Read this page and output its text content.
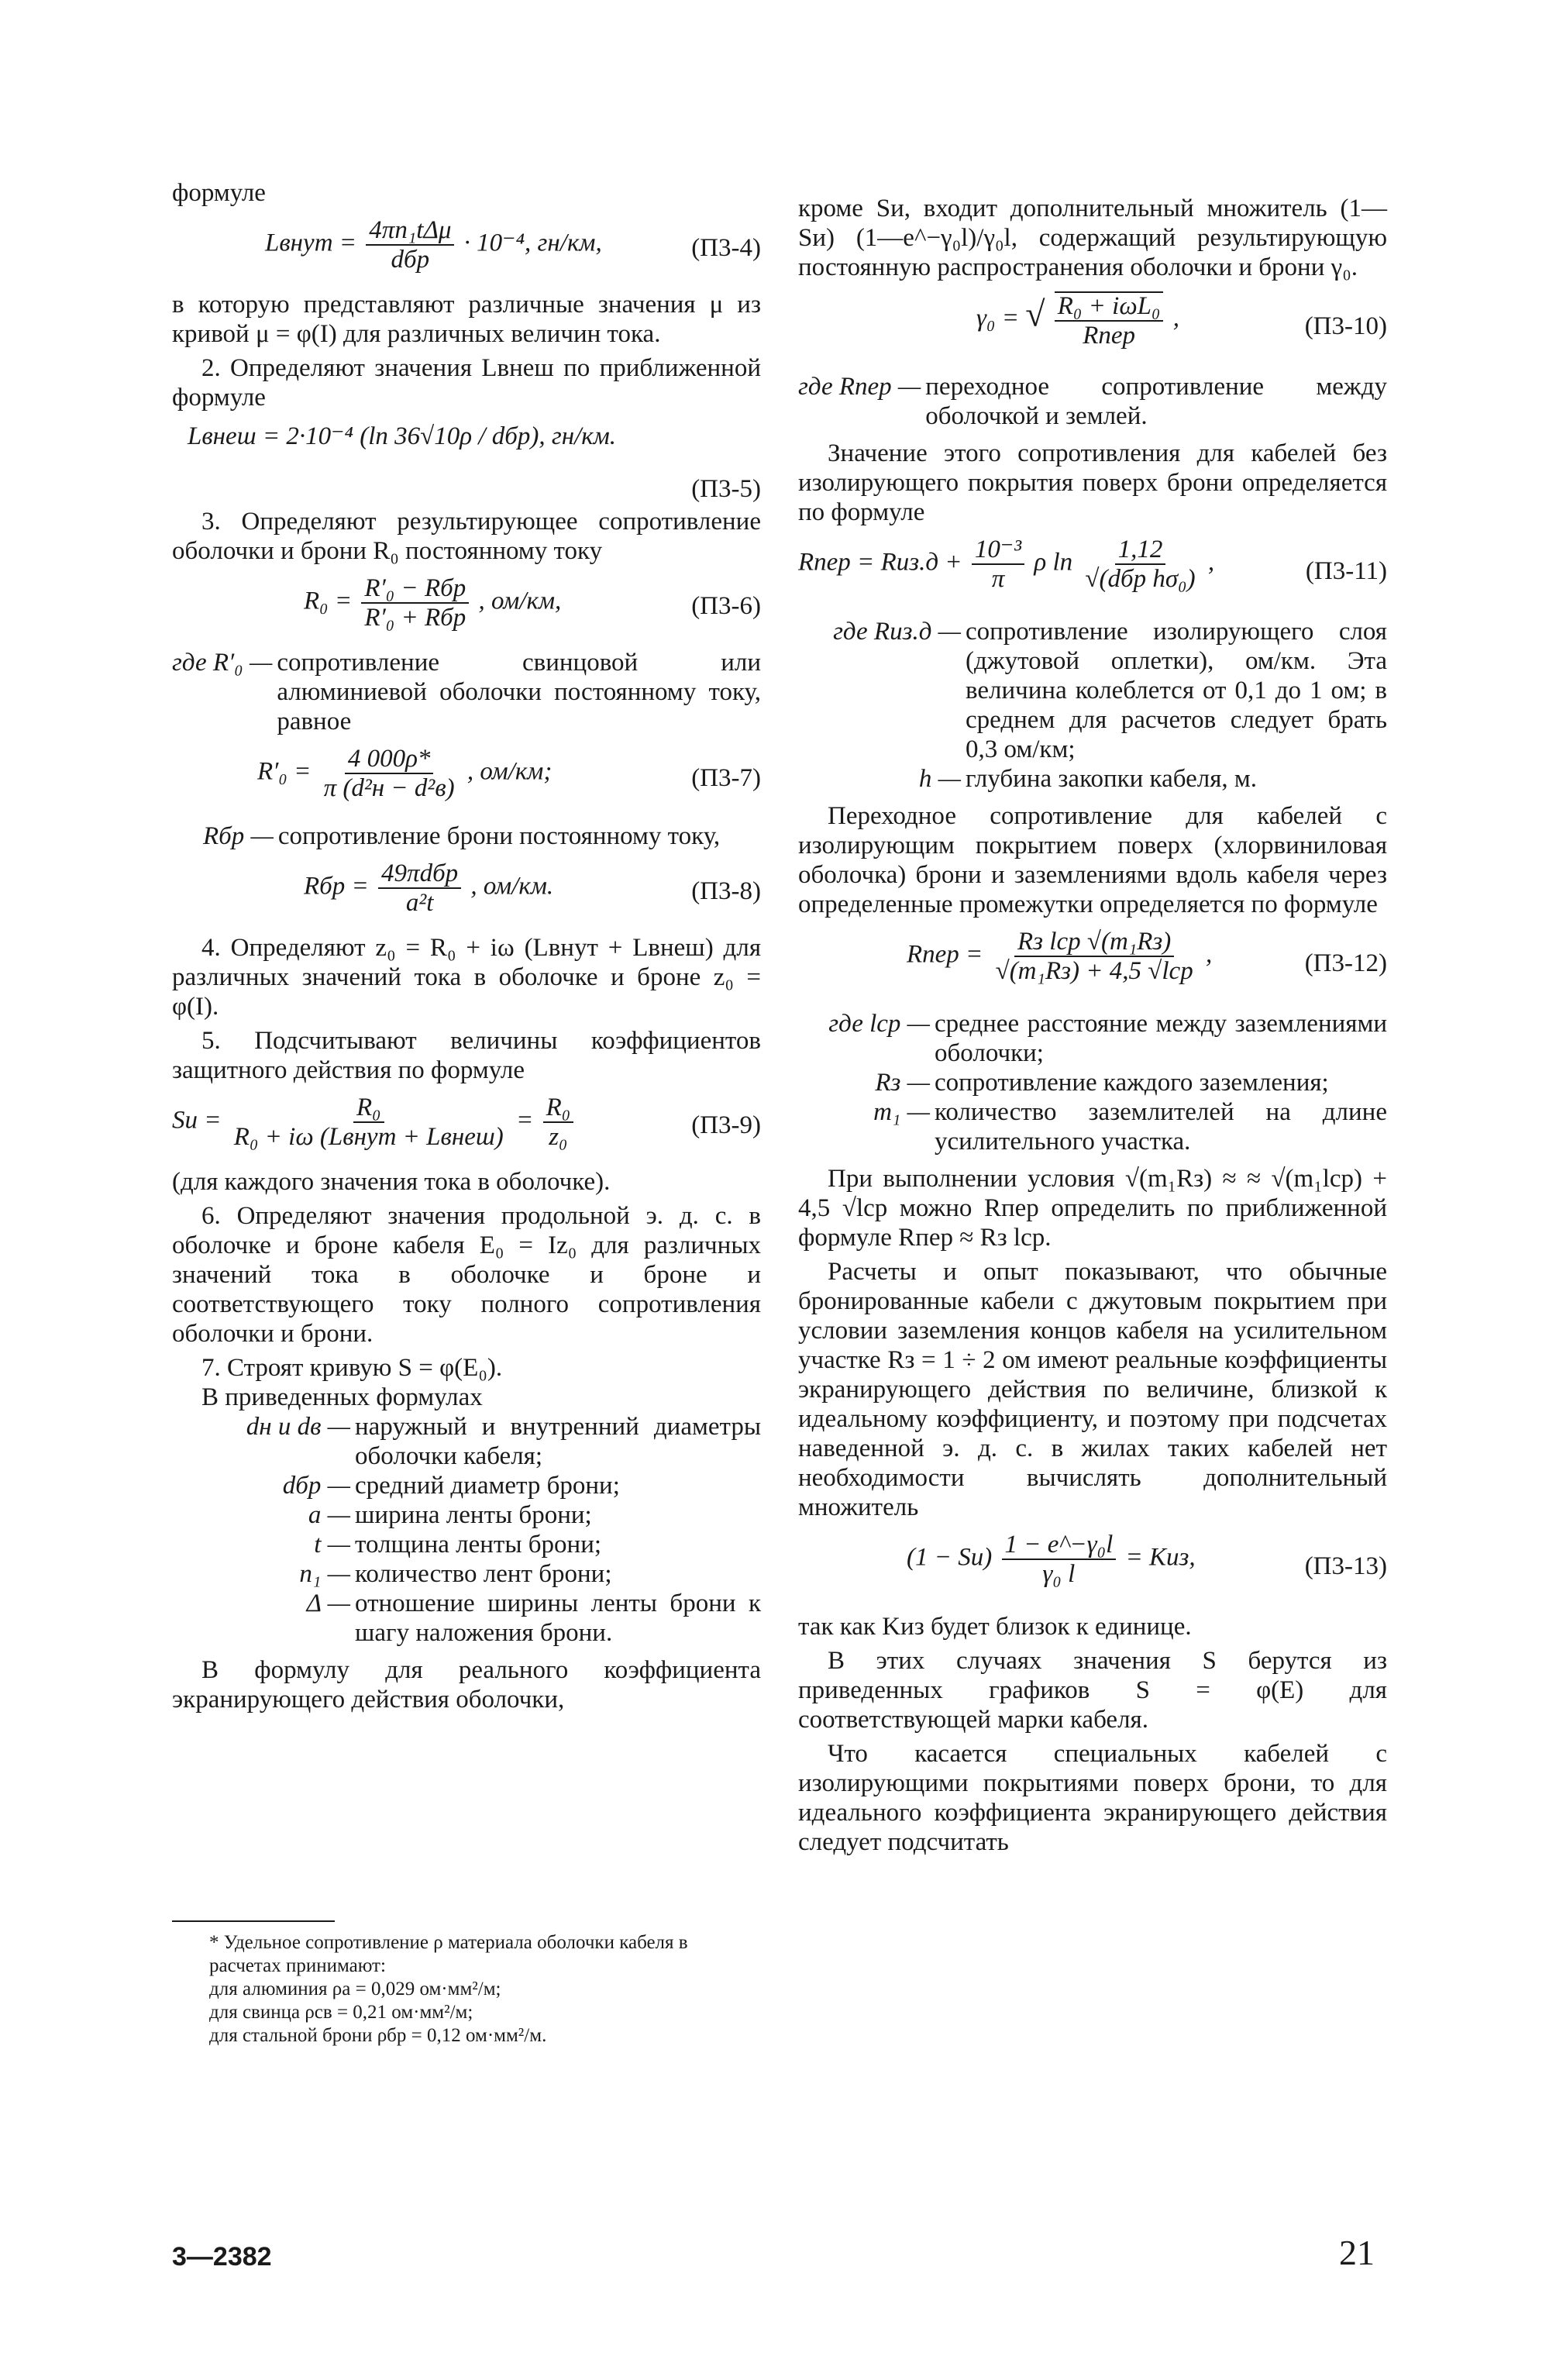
формуле

Lвнут = $\frac{\text{4πn₁tΔμ}}{\text{dбр}} \cdot 10^{-4}$, гн/км,	(П3-4)

в которую представляют различные значения μ из кривой μ = φ(I) для различных величин тока.

2. Определяют значения Lвнеш по приближенной формуле

Lвнеш = 2·10⁻⁴ (ln 36√10ρ / dбр), гн/км.
(П3-5)

3. Определяют результирующее сопротивление оболочки и брони R₀ постоянному току

$R_0 = \frac{\text{R′₀ − Rбр}}{\text{R′₀ + Rбр}}$ , ом/км,	(П3-6)
где R′₀ — сопротивление свинцовой или алюминиевой оболочки постоянному току, равное
$R'_0 = \frac{4 000\rho*}{\text{π (d²н − d²в)}}$ , ом/км;	(П3-7)
Rбр — сопротивление брони постоянному току,
Rбр = $\frac{\text{49πdбр}}{\text{a²t}}$ , ом/км.	(П3-8)

4. Определяют z₀ = R₀ + iω (Lвнут + Lвнеш) для различных значений тока в оболочке и броне z₀ = φ(I).

5. Подсчитывают величины коэффициентов защитного действия по формуле

Sи = $\frac{\text{R₀}}{\text{R₀ + iω (Lвнут + Lвнеш)}} = \frac{\text{R₀}}{\text{z₀}}$	(П3-9)

(для каждого значения тока в оболочке).

6. Определяют значения продольной э. д. с. в оболочке и броне кабеля E₀ = Iz₀ для различных значений тока в оболочке и броне и соответствующего току полного сопротивления оболочки и брони.

7. Строят кривую S = φ(E₀).

В приведенных формулах

dн и dв — наружный и внутренний диаметры оболочки кабеля;
dбр — средний диаметр брони;
a — ширина ленты брони;
t — толщина ленты брони;
n₁ — количество лент брони;
Δ — отношение ширины ленты брони к шагу наложения брони.

В формулу для реального коэффициента экранирующего действия оболочки,

кроме Sи, входит дополнительный множитель (1—Sи) (1—e^−γ₀l)/γ₀l, содержащий результирующую постоянную распространения оболочки и брони γ₀.

γ₀ = √ $\frac{\text{R₀ + iωL₀}}{\text{Rпер}}$ ,	(П3-10)
где Rпер — переходное сопротивление между оболочкой и землей.

Значение этого сопротивления для кабелей без изолирующего покрытия поверх брони определяется по формуле

Rпер = $Rиз.д + \frac{\text{10⁻³}}{\pi}$ ρ $\ln \frac{1,12}{\text{√(dбр hσ₀)}}$ ,	(П3-11)
где Rиз.д — сопротивление изолирующего слоя (джутовой оплетки), ом/км. Эта величина колеблется от 0,1 до 1 ом; в среднем для расчетов следует брать 0,3 ом/км;
h — глубина закопки кабеля, м.

Переходное сопротивление для кабелей с изолирующим покрытием поверх (хлорвиниловая оболочка) брони и заземлениями вдоль кабеля через определенные промежутки определяется по формуле

Rпер = $\frac{\text{Rз lср √(m₁Rз)}}{\text{√(m₁Rз) + 4,5 √lср}}$ ,	(П3-12)
где lср — среднее расстояние между заземлениями оболочки;
Rз — сопротивление каждого заземления;
m₁ — количество заземлителей на длине усилительного участка.

При выполнении условия √(m₁Rз) ≈ ≈ √(m₁lср) + 4,5 √lср можно Rпер определить по приближенной формуле Rпер ≈ Rз lср.

Расчеты и опыт показывают, что обычные бронированные кабели с джутовым покрытием при условии заземления концов кабеля на усилительном участке Rз = 1 ÷ 2 ом имеют реальные коэффициенты экранирующего действия по величине, близкой к идеальному коэффициенту, и поэтому при подсчетах наведенной э. д. с. в жилах таких кабелей нет необходимости вычислять дополнительный множитель

$(1 - Sи) \frac{\text{1 − e\textasciicircum{}−γ₀l}}{\text{γ₀ l}}$ = Kиз,	(П3-13)

так как Kиз будет близок к единице.

В этих случаях значения S берутся из приведенных графиков S = φ(E) для соответствующей марки кабеля.

Что касается специальных кабелей с изолирующими покрытиями поверх брони, то для идеального коэффициента экранирующего действия следует подсчитать

* Удельное сопротивление ρ материала оболочки кабеля в расчетах принимают:

для алюминия ρа = 0,029 ом·мм²/м;

для свинца ρсв = 0,21 ом·мм²/м;

для стальной брони ρбр = 0,12 ом·мм²/м.

3—2382	21
